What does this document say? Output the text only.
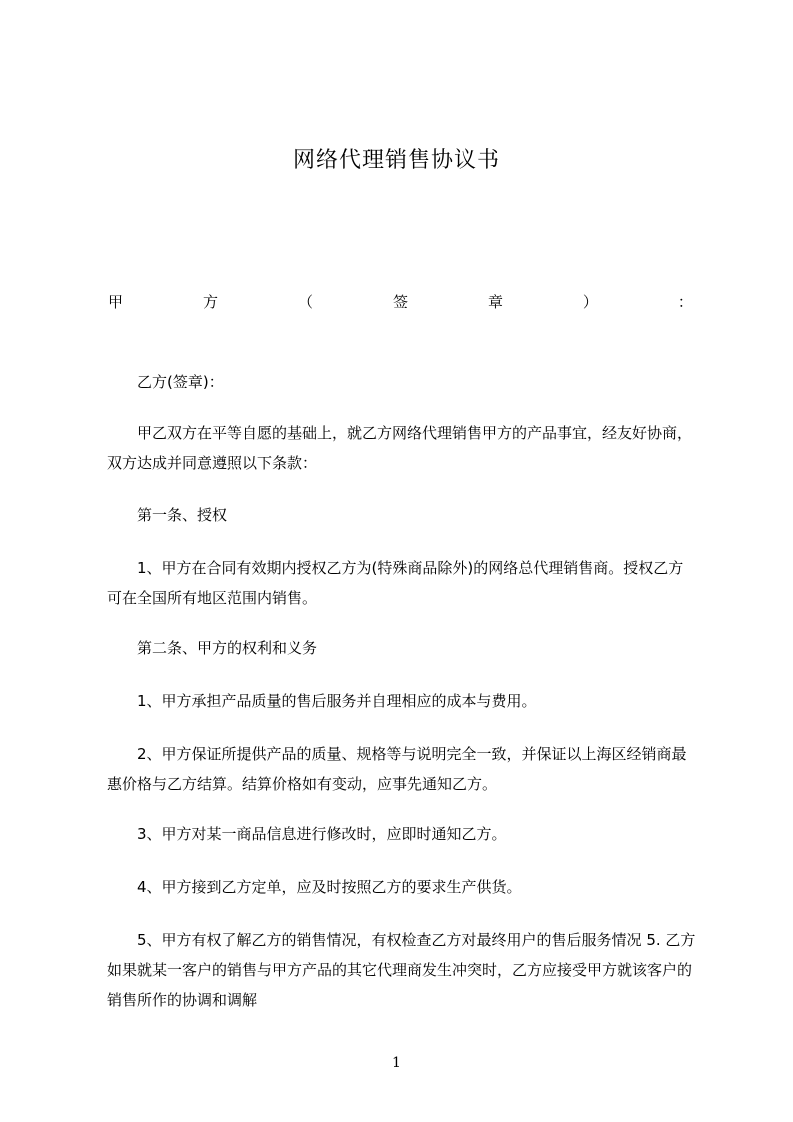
网络代理销售协议书
甲	方	（	签	章	）	：
乙方(签章)：
甲乙双方在平等自愿的基础上，就乙方网络代理销售甲方的产品事宜，经友好协商，双方达成并同意遵照以下条款：
第一条、授权
1、甲方在合同有效期内授权乙方为(特殊商品除外)的网络总代理销售商。授权乙方可在全国所有地区范围内销售。
第二条、甲方的权利和义务
1、甲方承担产品质量的售后服务并自理相应的成本与费用。
2、甲方保证所提供产品的质量、规格等与说明完全一致，并保证以上海区经销商最惠价格与乙方结算。结算价格如有变动，应事先通知乙方。
3、甲方对某一商品信息进行修改时，应即时通知乙方。
4、甲方接到乙方定单，应及时按照乙方的要求生产供货。
5、甲方有权了解乙方的销售情况，有权检查乙方对最终用户的售后服务情况 5. 乙方如果就某一客户的销售与甲方产品的其它代理商发生冲突时，乙方应接受甲方就该客户的销售所作的协调和调解
1
